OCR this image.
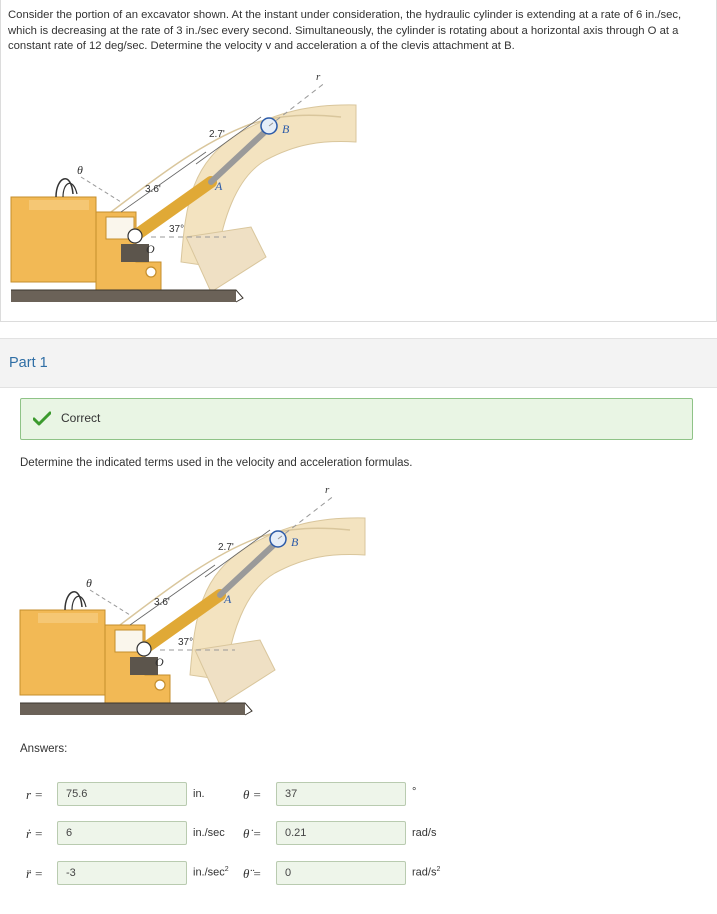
Consider the portion of an excavator shown. At the instant under consideration, the hydraulic cylinder is extending at a rate of 6 in./sec, which is decreasing at the rate of 3 in./sec every second. Simultaneously, the cylinder is rotating about a horizontal axis through O at a constant rate of 12 deg/sec. Determine the velocity v and acceleration a of the clevis attachment at B.

r
B
A
O
θ
2.7'
3.6'
37°
Part 1
Correct
Determine the indicated terms used in the velocity and acceleration formulas.
r
B
A
O
θ
2.7'
3.6'
37°
Answers:
r =	75.6	in.	θ =	37	°
ṙ =	6	in./sec θ̇ =	0.21	rad/s
r̈ =	-3	$in./\sec^2$ θ̈ =	0	rad/$s^2$
